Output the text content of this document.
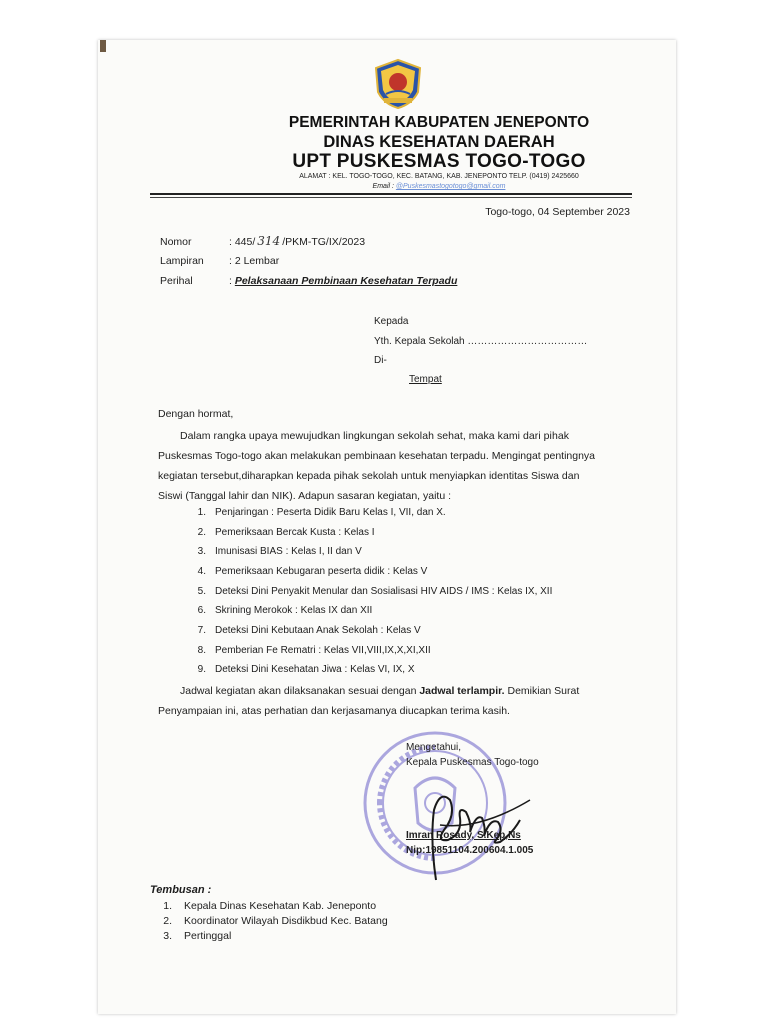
PEMERINTAH KABUPATEN JENEPONTO
DINAS KESEHATAN DAERAH
UPT PUSKESMAS TOGO-TOGO
ALAMAT : KEL. TOGO-TOGO, KEC. BATANG, KAB. JENEPONTO TELP. (0419) 2425660
Email : @Puskesmastogotogo@gmail.com
Togo-togo, 04 September 2023
Nomor	: 445/ 314 /PKM-TG/IX/2023
Lampiran : 2 Lembar
Perihal	: Pelaksanaan Pembinaan Kesehatan Terpadu
Kepada
Yth. Kepala Sekolah ………………………………
Di-
Tempat
Dengan hormat,
Dalam rangka upaya mewujudkan lingkungan sekolah sehat, maka kami dari pihak
Puskesmas Togo-togo akan melakukan pembinaan kesehatan terpadu. Mengingat pentingnya
kegiatan tersebut,diharapkan kepada pihak sekolah untuk menyiapkan identitas Siswa dan
Siswi (Tanggal lahir dan NIK). Adapun sasaran kegiatan, yaitu :
1. Penjaringan : Peserta Didik Baru Kelas I, VII, dan X.
2. Pemeriksaan Bercak Kusta : Kelas I
3. Imunisasi BIAS : Kelas I, II dan V
4. Pemeriksaan Kebugaran peserta didik : Kelas V
5. Deteksi Dini Penyakit Menular dan Sosialisasi HIV AIDS / IMS : Kelas IX, XII
6. Skrining Merokok : Kelas IX dan XII
7. Deteksi Dini Kebutaan Anak Sekolah : Kelas V
8. Pemberian Fe Rematri : Kelas VII,VIII,IX,X,XI,XII
9. Deteksi Dini Kesehatan Jiwa : Kelas VI, IX, X
Jadwal kegiatan akan dilaksanakan sesuai dengan Jadwal terlampir. Demikian Surat
Penyampaian ini, atas perhatian dan kerjasamanya diucapkan terima kasih.
Mengetahui,
Kepala Puskesmas Togo-togo
Imran Rosady, S.Kep,Ns
Nip:19851104.200604.1.005
Tembusan :
1. Kepala Dinas Kesehatan Kab. Jeneponto
2. Koordinator Wilayah Disdikbud Kec. Batang
3. Pertinggal
